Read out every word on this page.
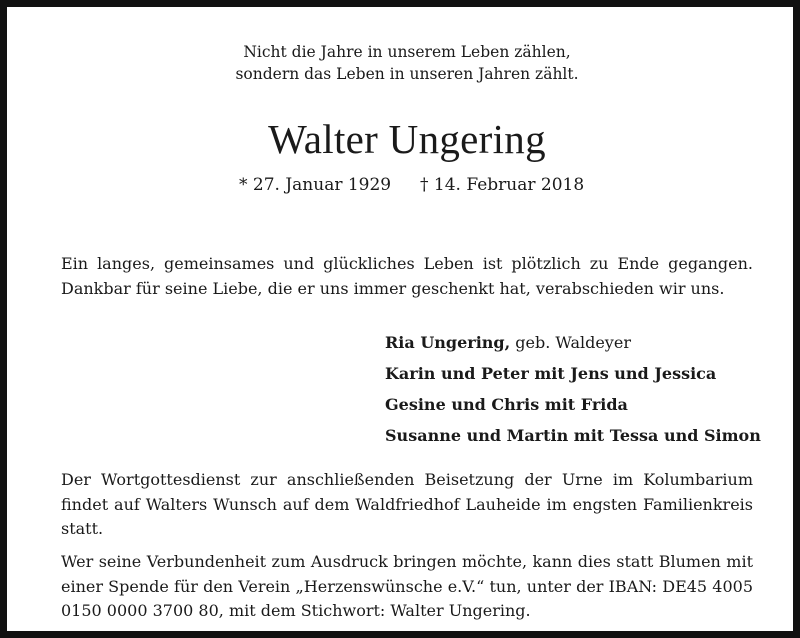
Nicht die Jahre in unserem Leben zählen,
sondern das Leben in unseren Jahren zählt.
Walter Ungering
* 27. Januar 1929 † 14. Februar 2018
Ein langes, gemeinsames und glückliches Leben ist plötzlich zu Ende gegangen. Dankbar für seine Liebe, die er uns immer geschenkt hat, verabschieden wir uns.
Ria Ungering, geb. Waldeyer
Karin und Peter mit Jens und Jessica
Gesine und Chris mit Frida
Susanne und Martin mit Tessa und Simon
Der Wortgottesdienst zur anschließenden Beisetzung der Urne im Kolumbarium findet auf Walters Wunsch auf dem Waldfriedhof Lauheide im engsten Familienkreis statt.
Wer seine Verbundenheit zum Ausdruck bringen möchte, kann dies statt Blumen mit einer Spende für den Verein „Herzenswünsche e.V.“ tun, unter der IBAN: DE45 4005 0150 0000 3700 80, mit dem Stichwort: Walter Ungering.
